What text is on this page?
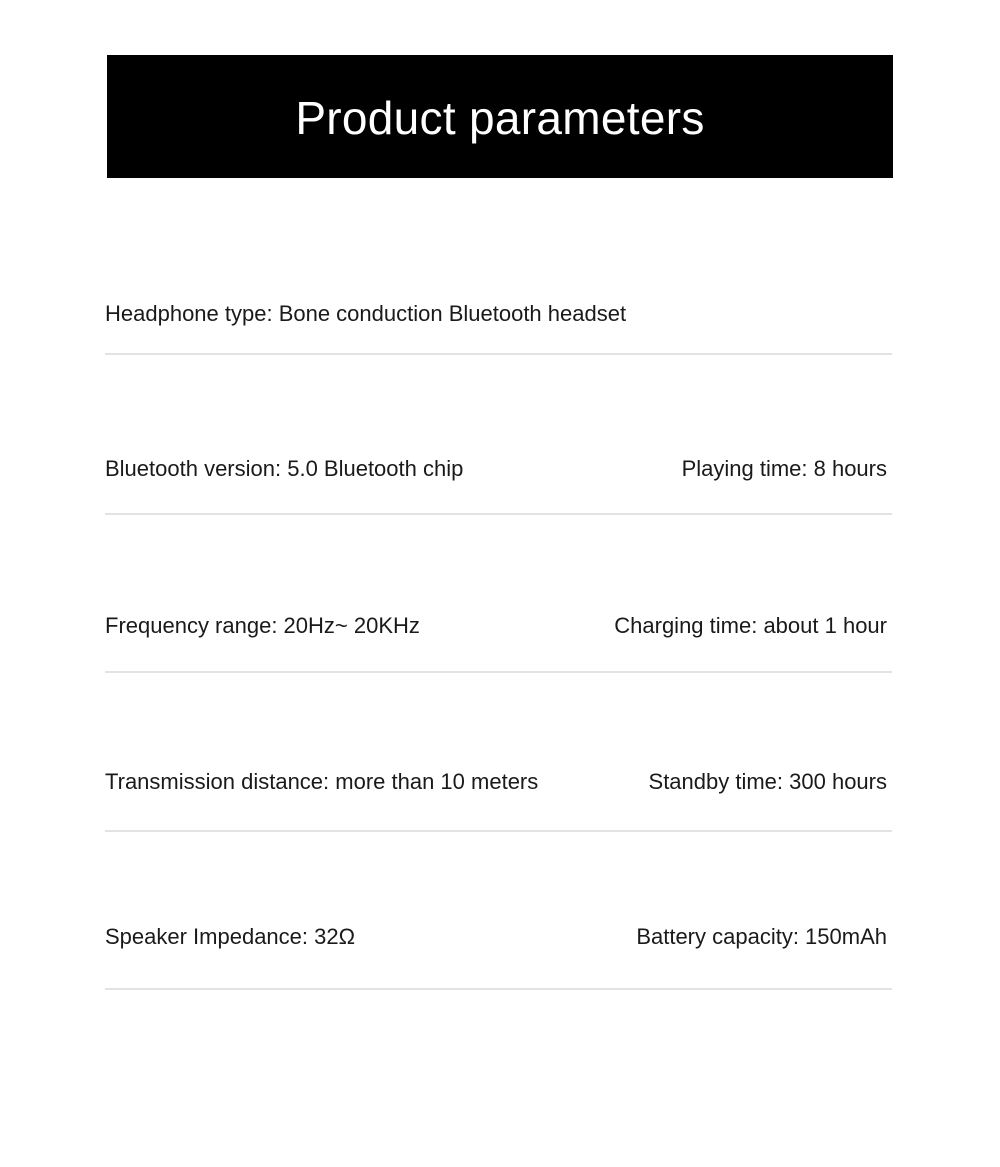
Product parameters
Headphone type: Bone conduction Bluetooth headset
Bluetooth version: 5.0 Bluetooth chip	Playing time: 8 hours
Frequency range: 20Hz~ 20KHz	Charging time: about 1 hour
Transmission distance: more than 10 meters	Standby time: 300 hours
Speaker Impedance: 32Ω	Battery capacity: 150mAh
